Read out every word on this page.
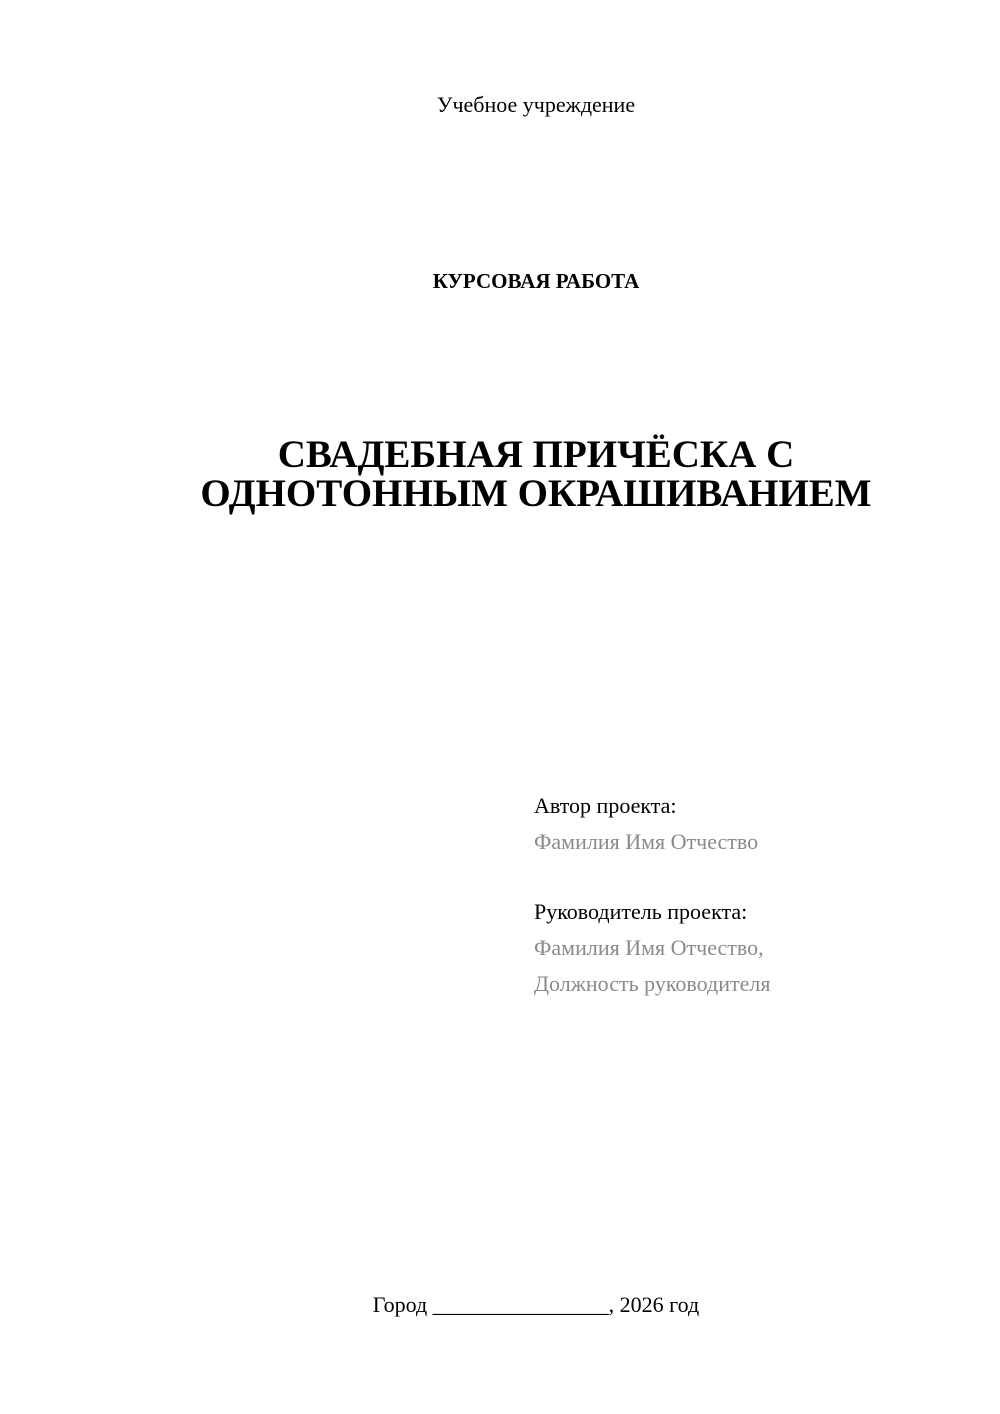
Учебное учреждение
КУРСОВАЯ РАБОТА
СВАДЕБНАЯ ПРИЧЁСКА С
ОДНОТОННЫМ ОКРАШИВАНИЕМ
Автор проекта:
Фамилия Имя Отчество
Руководитель проекта:
Фамилия Имя Отчество,
Должность руководителя
Город ________________, 2026 год
